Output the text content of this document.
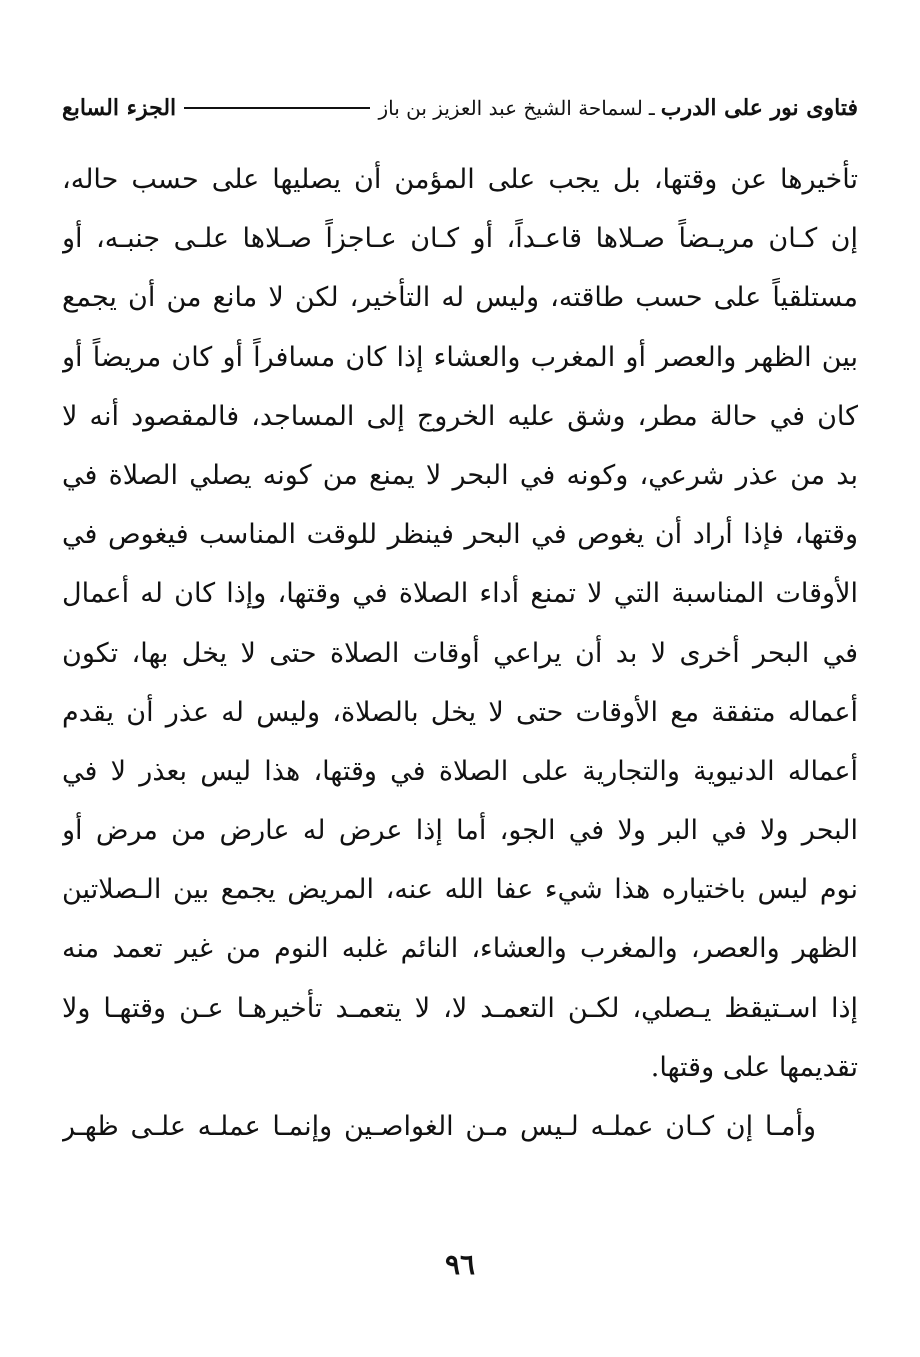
فتاوى نور على الدرب
ـ
لسماحة الشيخ عبد العزيز بن باز
الجزء السابع
تأخيرها عن وقتها، بل يجب على المؤمن أن يصليها على حسب حاله،
إن كـان مريـضاً صـلاها قاعـداً، أو كـان عـاجزاً صـلاها علـى جنبـه، أو
مستلقياً على حسب طاقته، وليس له التأخير، لكن لا مانع من أن يجمع
بين الظهر والعصر أو المغرب والعشاء إذا كان مسافراً أو كان مريضاً أو
كان في حالة مطر، وشق عليه الخروج إلى المساجد، فالمقصود أنه لا
بد من عذر شرعي، وكونه في البحر لا يمنع من كونه يصلي الصلاة في
وقتها، فإذا أراد أن يغوص في البحر فينظر للوقت المناسب فيغوص في
الأوقات المناسبة التي لا تمنع أداء الصلاة في وقتها، وإذا كان له أعمال
في البحر أخرى لا بد أن يراعي أوقات الصلاة حتى لا يخل بها، تكون
أعماله متفقة مع الأوقات حتى لا يخل بالصلاة، وليس له عذر أن يقدم
أعماله الدنيوية والتجارية على الصلاة في وقتها، هذا ليس بعذر لا في
البحر ولا في البر ولا في الجو، أما إذا عرض له عارض من مرض أو
نوم ليس باختياره هذا شيء عفا الله عنه، المريض يجمع بين الـصلاتين
الظهر والعصر، والمغرب والعشاء، النائم غلبه النوم من غير تعمد منه
إذا اسـتيقظ يـصلي، لكـن التعمـد لا، لا يتعمـد تأخيرهـا عـن وقتهـا ولا
تقديمها على وقتها.
وأمـا إن كـان عملـه لـيس مـن الغواصـين وإنمـا عملـه علـى ظهـر
٩٦
